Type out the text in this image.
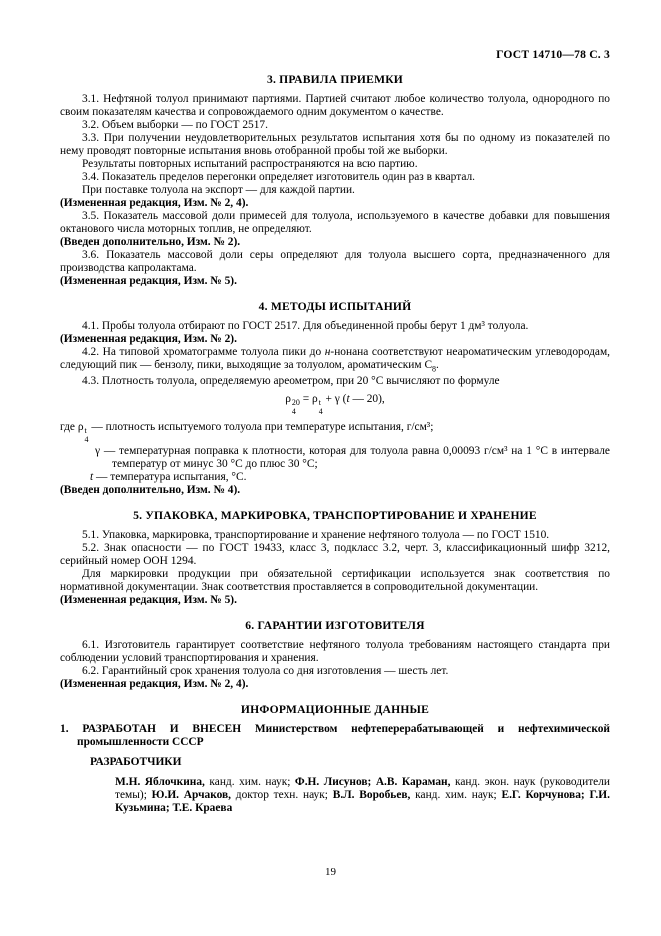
ГОСТ 14710—78 С. 3
3. ПРАВИЛА ПРИЕМКИ
3.1. Нефтяной толуол принимают партиями. Партией считают любое количество толуола, однородного по своим показателям качества и сопровождаемого одним документом о качестве.
3.2. Объем выборки — по ГОСТ 2517.
3.3. При получении неудовлетворительных результатов испытания хотя бы по одному из показателей по нему проводят повторные испытания вновь отобранной пробы той же выборки.
Результаты повторных испытаний распространяются на всю партию.
3.4. Показатель пределов перегонки определяет изготовитель один раз в квартал.
При поставке толуола на экспорт — для каждой партии.
(Измененная редакция, Изм. № 2, 4).
3.5. Показатель массовой доли примесей для толуола, используемого в качестве добавки для повышения октанового числа моторных топлив, не определяют.
(Введен дополнительно, Изм. № 2).
3.6. Показатель массовой доли серы определяют для толуола высшего сорта, предназначенного для производства капролактама.
(Измененная редакция, Изм. № 5).
4. МЕТОДЫ ИСПЫТАНИЙ
4.1. Пробы толуола отбирают по ГОСТ 2517. Для объединенной пробы берут 1 дм³ толуола.
(Измененная редакция, Изм. № 2).
4.2. На типовой хроматограмме толуола пики до н-нонана соответствуют неароматическим углеводородам, следующий пик — бензолу, пики, выходящие за толуолом, ароматическим $С_8$.
4.3. Плотность толуола, определяемую ареометром, при 20 °С вычисляют по формуле
ρ 20
4
= ρ t
4
+ γ (t — 20),
где ρ t
4
— плотность испытуемого толуола при температуре испытания, г/см³;
γ — температурная поправка к плотности, которая для толуола равна 0,00093 г/см³ на 1 °С в интервале температур от минус 30 °С до плюс 30 °С;
t — температура испытания, °С.
(Введен дополнительно, Изм. № 4).
5. УПАКОВКА, МАРКИРОВКА, ТРАНСПОРТИРОВАНИЕ И ХРАНЕНИЕ
5.1. Упаковка, маркировка, транспортирование и хранение нефтяного толуола — по ГОСТ 1510.
5.2. Знак опасности — по ГОСТ 19433, класс 3, подкласс 3.2, черт. 3, классификационный шифр 3212, серийный номер ООН 1294.
Для маркировки продукции при обязательной сертификации используется знак соответствия по нормативной документации. Знак соответствия проставляется в сопроводительной документации.
(Измененная редакция, Изм. № 5).
6. ГАРАНТИИ ИЗГОТОВИТЕЛЯ
6.1. Изготовитель гарантирует соответствие нефтяного толуола требованиям настоящего стандарта при соблюдении условий транспортирования и хранения.
6.2. Гарантийный срок хранения толуола со дня изготовления — шесть лет.
(Измененная редакция, Изм. № 2, 4).
ИНФОРМАЦИОННЫЕ ДАННЫЕ
1. РАЗРАБОТАН И ВНЕСЕН Министерством нефтеперерабатывающей и нефтехимической промышленности СССР
РАЗРАБОТЧИКИ
М.Н. Яблочкина, канд. хим. наук; Ф.Н. Лисунов; А.В. Караман, канд. экон. наук (руководители темы); Ю.И. Арчаков, доктор техн. наук; В.Л. Воробьев, канд. хим. наук; Е.Г. Корчунова; Г.И. Кузьмина; Т.Е. Краева
19
